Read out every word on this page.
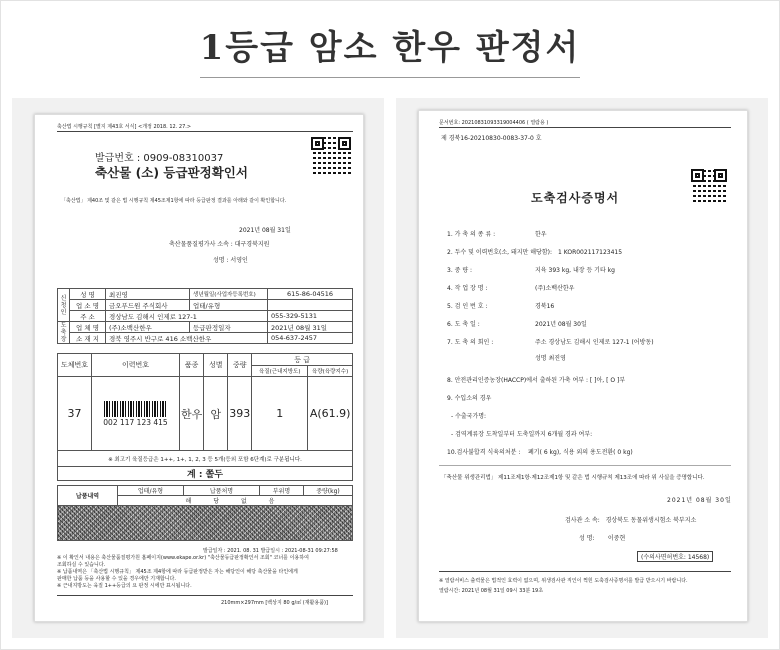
1등급 암소 한우 판정서
축산법 시행규칙 [별지 제43호 서식] <개정 2018. 12. 27.>
발급번호 : 0909-08310037
축산물 (소) 등급판정확인서
「축산법」 제40조 및 같은 법 시행규칙 제45조제1항에 따라 등급판정 결과를 아래와 같이 확인합니다.
2021년 08월 31일
축산물품질평가사 소속 : 대구경북지원
성명 : 서영인
신청인	성 명	최진영	생년월일(사업자등록번호)	615-86-04516
	업 소 명	금오푸드원 주식회사	업태/유형	
	주 소	경상남도 김해시 인제로 127-1		055-329-5131
도축장	업 체 명	(주)소백산한우	등급판정일자	2021년 08월 31일
	소 재 지	경북 영주시 반구로 416 소백산한우		054-637-2457
도체번호	이력번호	품종	성별	중량	등 급	
					육질(근내지방도)	육량(육량지수)
37	002 117 123 415	한우	암	393	1	A(61.9)
※ 최고기 육질등급은 1++, 1+, 1, 2, 3 등 5개(등외 포함 6단계)로 구분됩니다.						
계 : 쫄두						
납품내역	업태/유형	납품처명	부위명	중량(kg)
해 당 없 음
발급일자 : 2021. 08. 31 발급일시 : 2021-08-31 09:27:58
※ 이 확인서 내용은 축산물품질평가원 홈페이지(www.ekape.or.kr) "축산물등급판정확인서 조회" 코너를 이용하여
조회하실 수 있습니다.
※ 납품내역은 「축산법 시행규칙」 제45조 제4항에 따라 등급판정받은 자는 해당인이 해당 축산물을 타인에게
판매한 납품 등을 사용할 수 있을 경우에만 기재합니다.
※ 근내지방도는 육질 1++등급의 요 판정 시에만 표시됩니다.
210mm×297mm [백상지 80 g/㎡ (재활용품)]
문서번호: 20210831093319004406 ( 열람용 )
제 경북16-20210830-0083-37-0 호
도축검사증명서
1. 가 축 의 종 류 :	한우
2. 두수 및 이력번호(소, 돼지만 해당함): 1 KOR002117123415
3. 중 량 :	지육 393 kg, 내장 등 기타 kg
4. 작 업 장 명 :	(주)소백산한우
5. 검 인 번 호 :	경북16
6. 도 축 일 :	2021년 08월 30일
7. 도 축 의 회인 :	주소 경상남도 김해시 인제로 127-1 (어방동)
성명 최진영
8. 안전관리인증농장(HACCP)에서 출하된 가축 여부 : [ ]아, [ O ]부
9. 수입소의 경우
- 수출국가명:
- 검역계류장 도착일부터 도축일까지 6개월 경과 여부:
10.검사불합격 식육의처분 : 폐기( 6 kg), 식용 외의 용도전환( 0 kg)
「축산물 위생관리법」 제11조제1항·제12조제1항 및 같은 법 시행규칙 제13조에 따라 위 사실을 증명합니다.
2021년 08월 30일
검사관 소 속: 경상북도 동물위생시험소 북부지소
성 명: 이중현
(수의사면허번호: 14568)
※ 열람서비스 출력물은 법적인 효력이 없으며, 위생검사관 직인이 찍힌 도축검사증명서를 발급 받으시기 바랍니다.
열람시간: 2021년 08월 31일 09시 33분 19초
